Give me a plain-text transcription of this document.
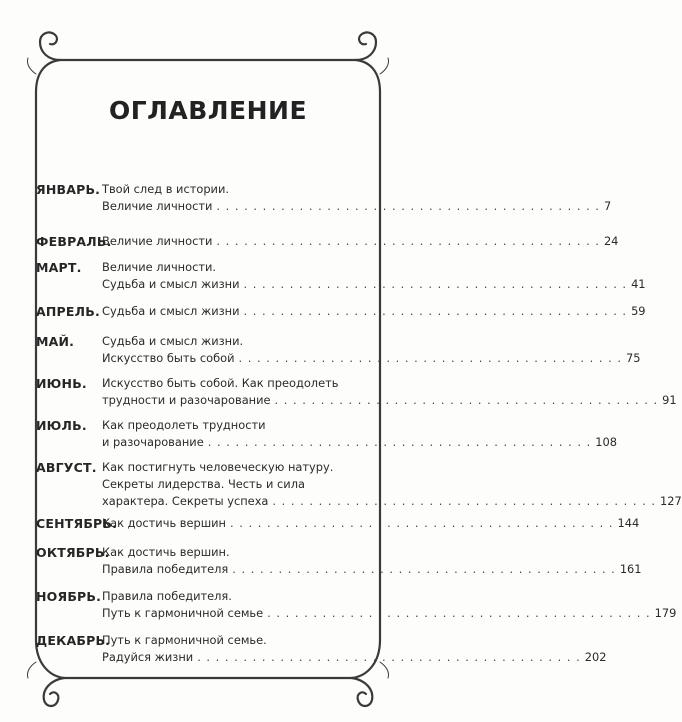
ОГЛАВЛЕНИЕ
ЯНВАРЬ. Твой след в истории.
Величие личности . . . . . . . . . . . . . . . . . . . . . . . . . . . . . . . . . . . . . . . . . . 7
ФЕВРАЛЬ.
Величие личности . . . . . . . . . . . . . . . . . . . . . . . . . . . . . . . . . . . . . . . . . . 24
МАРТ. Величие личности.
Судьба и смысл жизни . . . . . . . . . . . . . . . . . . . . . . . . . . . . . . . . . . . . . . . . . . 41
АПРЕЛЬ. Судьба и смысл жизни . . . . . . . . . . . . . . . . . . . . . . . . . . . . . . . . . . . . . . . . . . 59
МАЙ. Судьба и смысл жизни.
Искусство быть собой . . . . . . . . . . . . . . . . . . . . . . . . . . . . . . . . . . . . . . . . . . 75
ИЮНЬ. Искусство быть собой. Как преодолеть
трудности и разочарование . . . . . . . . . . . . . . . . . . . . . . . . . . . . . . . . . . . . . . . . . . 91
ИЮЛЬ. Как преодолеть трудности
и разочарование . . . . . . . . . . . . . . . . . . . . . . . . . . . . . . . . . . . . . . . . . . 108
АВГУСТ. Как постигнуть человеческую натуру.
Секреты лидерства. Честь и сила
характера. Секреты успеха . . . . . . . . . . . . . . . . . . . . . . . . . . . . . . . . . . . . . . . . . . 127
СЕНТЯБРЬ.
Как достичь вершин . . . . . . . . . . . . . . . . . . . . . . . . . . . . . . . . . . . . . . . . . . 144
ОКТЯБРЬ.
Как достичь вершин.
Правила победителя . . . . . . . . . . . . . . . . . . . . . . . . . . . . . . . . . . . . . . . . . . 161
НОЯБРЬ. Правила победителя.
Путь к гармоничной семье . . . . . . . . . . . . . . . . . . . . . . . . . . . . . . . . . . . . . . . . . . 179
ДЕКАБРЬ.
Путь к гармоничной семье.
Радуйся жизни . . . . . . . . . . . . . . . . . . . . . . . . . . . . . . . . . . . . . . . . . . 202
